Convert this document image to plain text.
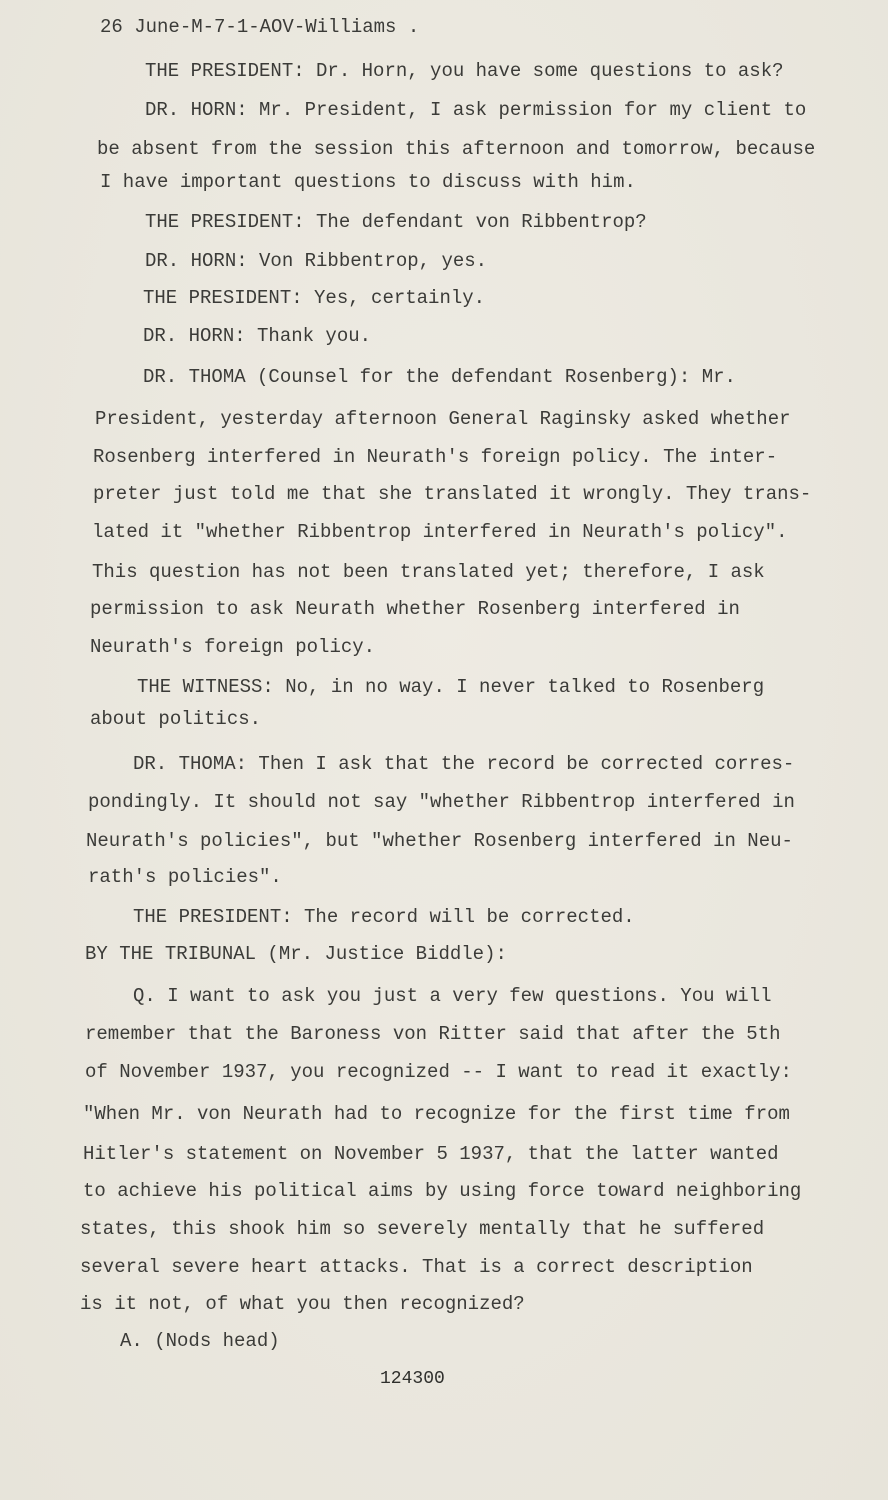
26 June-M-7-1-AOV-Williams .
THE PRESIDENT: Dr. Horn, you have some questions to ask?
DR. HORN: Mr. President, I ask permission for my client to
be absent from the session this afternoon and tomorrow, because
I have important questions to discuss with him.
THE PRESIDENT: The defendant von Ribbentrop?
DR. HORN: Von Ribbentrop, yes.
THE PRESIDENT: Yes, certainly.
DR. HORN: Thank you.
DR. THOMA (Counsel for the defendant Rosenberg): Mr.
President, yesterday afternoon General Raginsky asked whether
Rosenberg interfered in Neurath's foreign policy. The inter-
preter just told me that she translated it wrongly. They trans-
lated it "whether Ribbentrop interfered in Neurath's policy".
This question has not been translated yet; therefore, I ask
permission to ask Neurath whether Rosenberg interfered in
Neurath's foreign policy.
THE WITNESS: No, in no way. I never talked to Rosenberg
about politics.
DR. THOMA: Then I ask that the record be corrected corres-
pondingly. It should not say "whether Ribbentrop interfered in
Neurath's policies", but "whether Rosenberg interfered in Neu-
rath's policies".
THE PRESIDENT: The record will be corrected.
BY THE TRIBUNAL (Mr. Justice Biddle):
Q. I want to ask you just a very few questions. You will
remember that the Baroness von Ritter said that after the 5th
of November 1937, you recognized -- I want to read it exactly:
"When Mr. von Neurath had to recognize for the first time from
Hitler's statement on November 5 1937, that the latter wanted
to achieve his political aims by using force toward neighboring
states, this shook him so severely mentally that he suffered
several severe heart attacks. That is a correct description
is it not, of what you then recognized?
A. (Nods head)
124300
